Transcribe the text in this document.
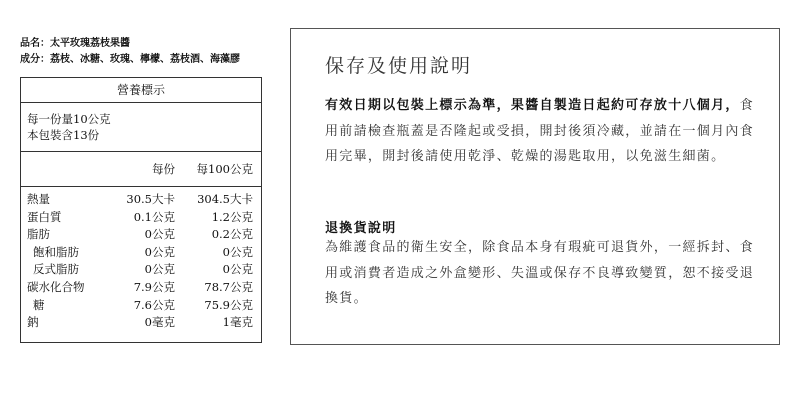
品名：太平玫瑰荔枝果醬
成分：荔枝、冰糖、玫瑰、檸檬、荔枝酒、海藻膠
營養標示
每一份量10公克
本包裝含13份
每份 每100公克
熱量	30.5大卡 304.5大卡
蛋白質	0.1公克	1.2公克
脂肪	0公克	0.2公克
飽和脂肪	0公克	0公克
反式脂肪	0公克	0公克
碳水化合物	7.9公克	78.7公克
糖	7.6公克	75.9公克
鈉	0毫克	1毫克
保存及使用說明
有效日期以包裝上標示為準，果醬自製造日起約可存放十八個月，食用前請檢查瓶蓋是否隆起或受損，開封後須冷藏，並請在一個月內食用完畢，開封後請使用乾淨、乾燥的湯匙取用，以免滋生細菌。
退換貨說明
為維護食品的衛生安全，除食品本身有瑕疵可退貨外，一經拆封、食用或消費者造成之外盒變形、失溫或保存不良導致變質，恕不接受退換貨。
